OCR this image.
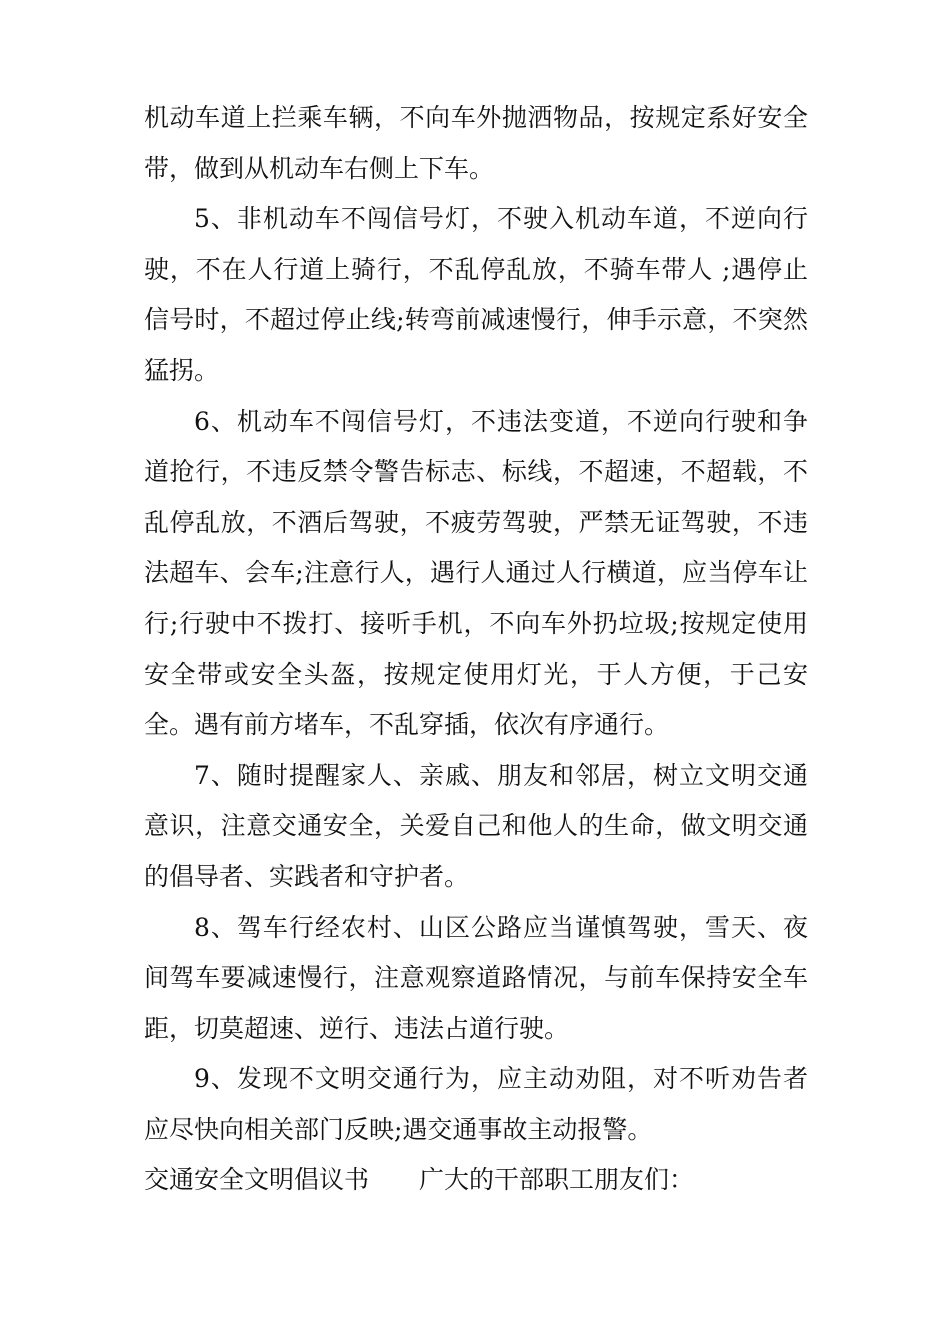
机动车道上拦乘车辆，不向车外抛洒物品，按规定系好安全带，做到从机动车右侧上下车。

5、非机动车不闯信号灯，不驶入机动车道，不逆向行驶，不在人行道上骑行，不乱停乱放，不骑车带人 ;遇停止信号时，不超过停止线;转弯前减速慢行，伸手示意，不突然猛拐。

6、机动车不闯信号灯，不违法变道，不逆向行驶和争道抢行，不违反禁令警告标志、标线，不超速，不超载，不乱停乱放，不酒后驾驶，不疲劳驾驶，严禁无证驾驶，不违法超车、会车;注意行人，遇行人通过人行横道，应当停车让行;行驶中不拨打、接听手机，不向车外扔垃圾;按规定使用安全带或安全头盔，按规定使用灯光，于人方便，于己安全。遇有前方堵车，不乱穿插，依次有序通行。

7、随时提醒家人、亲戚、朋友和邻居，树立文明交通意识，注意交通安全，关爱自己和他人的生命，做文明交通的倡导者、实践者和守护者。

8、驾车行经农村、山区公路应当谨慎驾驶，雪天、夜间驾车要减速慢行，注意观察道路情况，与前车保持安全车距，切莫超速、逆行、违法占道行驶。

9、发现不文明交通行为，应主动劝阻，对不听劝告者应尽快向相关部门反映;遇交通事故主动报警。

交通安全文明倡议书　　广大的干部职工朋友们：
